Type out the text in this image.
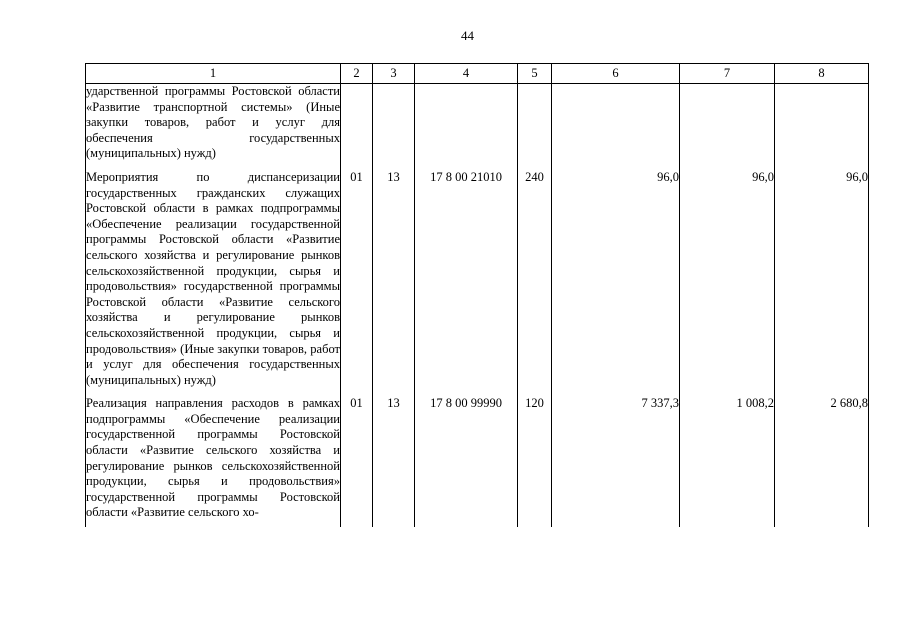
44
1	2	3	4	5	6	7	8
ударственной программы Ростовской области «Развитие транспортной системы» (Иные закупки товаров, работ и услуг для обеспечения государственных (муниципальных) нужд)							
Мероприятия по диспансеризации государственных гражданских служащих Ростовской области в рамках подпрограммы «Обеспечение реализации государственной программы Ростовской области «Развитие сельского хозяйства и регулирование рынков сельскохозяйственной продукции, сырья и продовольствия» государственной программы Ростовской области «Развитие сельского хозяйства и регулирование рынков сельскохозяйственной продукции, сырья и продовольствия» (Иные закупки товаров, работ и услуг для обеспечения государственных (муниципальных) нужд)	01	13	17 8 00 21010	240	96,0	96,0	96,0
Реализация направления расходов в рамках подпрограммы «Обеспечение реализации государственной программы Ростовской области «Развитие сельского хозяйства и регулирование рынков сельскохозяйственной продукции, сырья и продовольствия» государственной программы Ростовской области «Развитие сельского хо-	01	13	17 8 00 99990	120	7 337,3	1 008,2	2 680,8
